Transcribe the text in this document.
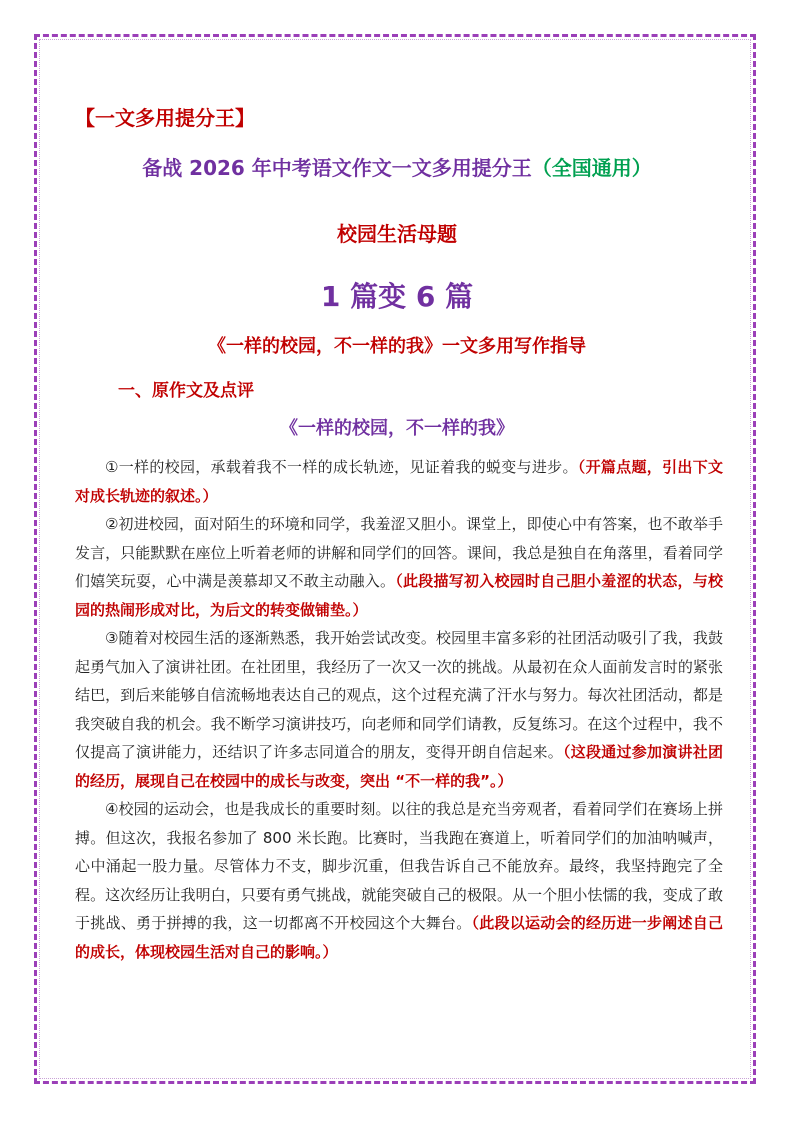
【一文多用提分王】
备战 2026 年中考语文作文一文多用提分王（全国通用）
校园生活母题
1 篇变 6 篇
《一样的校园，不一样的我》一文多用写作指导
一、原作文及点评
《一样的校园，不一样的我》

①一样的校园，承载着我不一样的成长轨迹，见证着我的蜕变与进步。（开篇点题，引出下文对成长轨迹的叙述。）

②初进校园，面对陌生的环境和同学，我羞涩又胆小。课堂上，即使心中有答案，也不敢举手发言，只能默默在座位上听着老师的讲解和同学们的回答。课间，我总是独自在角落里，看着同学们嬉笑玩耍，心中满是羡慕却又不敢主动融入。（此段描写初入校园时自己胆小羞涩的状态，与校园的热闹形成对比，为后文的转变做铺垫。）

③随着对校园生活的逐渐熟悉，我开始尝试改变。校园里丰富多彩的社团活动吸引了我，我鼓起勇气加入了演讲社团。在社团里，我经历了一次又一次的挑战。从最初在众人面前发言时的紧张结巴，到后来能够自信流畅地表达自己的观点，这个过程充满了汗水与努力。每次社团活动，都是我突破自我的机会。我不断学习演讲技巧，向老师和同学们请教，反复练习。在这个过程中，我不仅提高了演讲能力，还结识了许多志同道合的朋友，变得开朗自信起来。（这段通过参加演讲社团的经历，展现自己在校园中的成长与改变，突出 “不一样的我”。）

④校园的运动会，也是我成长的重要时刻。以往的我总是充当旁观者，看着同学们在赛场上拼搏。但这次，我报名参加了 800 米长跑。比赛时，当我跑在赛道上，听着同学们的加油呐喊声，心中涌起一股力量。尽管体力不支，脚步沉重，但我告诉自己不能放弃。最终，我坚持跑完了全程。这次经历让我明白，只要有勇气挑战，就能突破自己的极限。从一个胆小怯懦的我，变成了敢于挑战、勇于拼搏的我，这一切都离不开校园这个大舞台。（此段以运动会的经历进一步阐述自己的成长，体现校园生活对自己的影响。）
